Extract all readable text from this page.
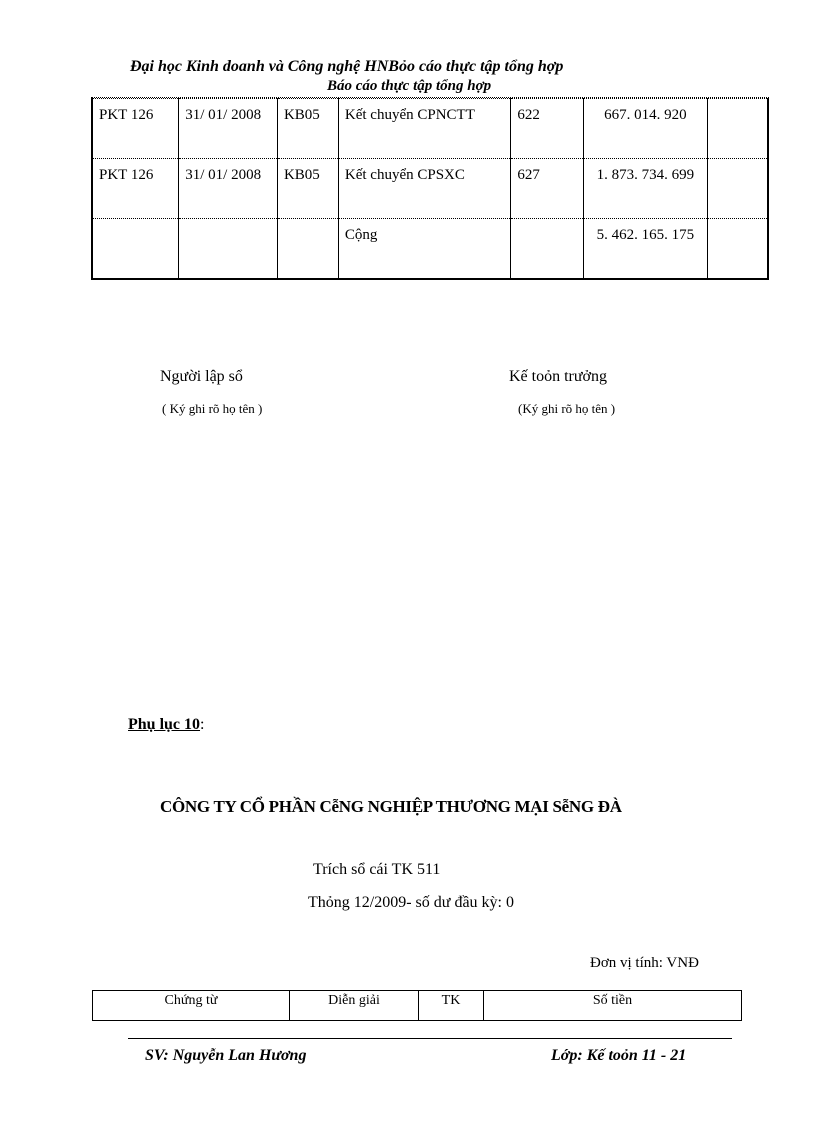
Đại học Kinh doanh và Công nghệ HNBỏo cáo thực tập tổng hợp
Báo cáo thực tập tổng hợp
PKT 126	31/ 01/ 2008	KB05	Kết chuyển CPNCTT	622	667. 014. 920	
PKT 126	31/ 01/ 2008	KB05	Kết chuyển CPSXC	627	1. 873. 734. 699	
			Cộng		5. 462. 165. 175	
Người lập sổ
( Ký ghi rõ họ tên )
Kế toỏn trưởng
(Ký ghi rõ họ tên )
Phụ lục 10:
CÔNG TY CỔ PHẦN CễNG NGHIỆP THƯƠNG MẠI SễNG ĐÀ
Trích sổ cái TK 511
Thỏng 12/2009- số dư đầu kỳ: 0
Đơn vị tính: VNĐ
Chứng từ	Diễn giải	TK	Số tiền
SV: Nguyễn Lan Hương	Lớp: Kế toỏn 11 - 21
